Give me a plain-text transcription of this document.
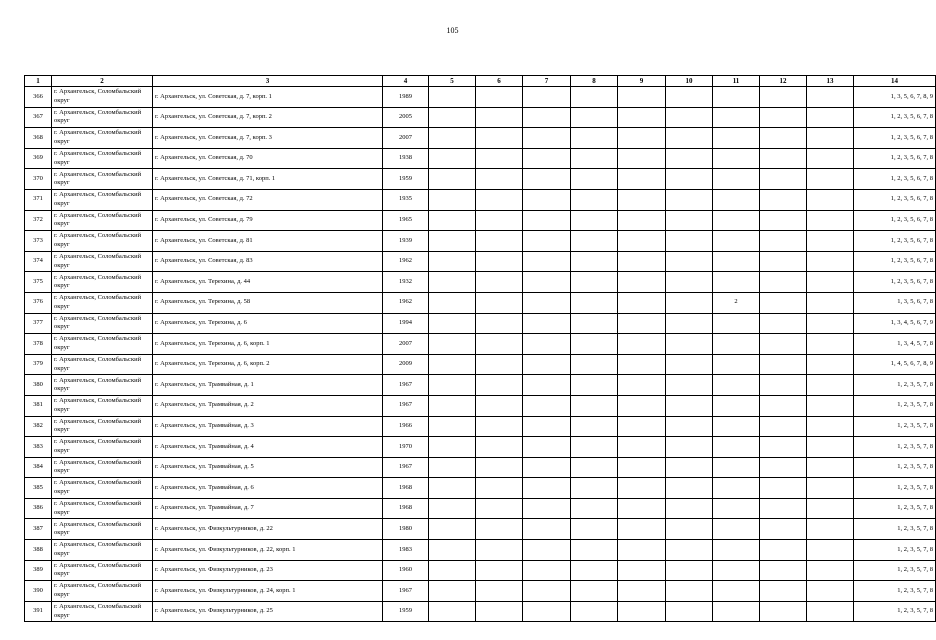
105
1	2	3	4	5	6	7	8	9	10	11	12	13	14
366	г. Архангельск, Соломбальский округ	г. Архангельск, ул. Советская, д. 7, корп. 1	1989										1, 3, 5, 6, 7, 8, 9
367	г. Архангельск, Соломбальский округ	г. Архангельск, ул. Советская, д. 7, корп. 2	2005										1, 2, 3, 5, 6, 7, 8
368	г. Архангельск, Соломбальский округ	г. Архангельск, ул. Советская, д. 7, корп. 3	2007										1, 2, 3, 5, 6, 7, 8
369	г. Архангельск, Соломбальский округ	г. Архангельск, ул. Советская, д. 70	1938										1, 2, 3, 5, 6, 7, 8
370	г. Архангельск, Соломбальский округ	г. Архангельск, ул. Советская, д. 71, корп. 1	1959										1, 2, 3, 5, 6, 7, 8
371	г. Архангельск, Соломбальский округ	г. Архангельск, ул. Советская, д. 72	1935										1, 2, 3, 5, 6, 7, 8
372	г. Архангельск, Соломбальский округ	г. Архангельск, ул. Советская, д. 79	1965										1, 2, 3, 5, 6, 7, 8
373	г. Архангельск, Соломбальский округ	г. Архангельск, ул. Советская, д. 81	1939										1, 2, 3, 5, 6, 7, 8
374	г. Архангельск, Соломбальский округ	г. Архангельск, ул. Советская, д. 83	1962										1, 2, 3, 5, 6, 7, 8
375	г. Архангельск, Соломбальский округ	г. Архангельск, ул. Терехина, д. 44	1932										1, 2, 3, 5, 6, 7, 8
376	г. Архангельск, Соломбальский округ	г. Архангельск, ул. Терехина, д. 58	1962							2			1, 3, 5, 6, 7, 8
377	г. Архангельск, Соломбальский округ	г. Архангельск, ул. Терехина, д. 6	1994										1, 3, 4, 5, 6, 7, 9
378	г. Архангельск, Соломбальский округ	г. Архангельск, ул. Терехина, д. 6, корп. 1	2007										1, 3, 4, 5, 7, 8
379	г. Архангельск, Соломбальский округ	г. Архангельск, ул. Терехина, д. 6, корп. 2	2009										1, 4, 5, 6, 7, 8, 9
380	г. Архангельск, Соломбальский округ	г. Архангельск, ул. Трамвайная, д. 1	1967										1, 2, 3, 5, 7, 8
381	г. Архангельск, Соломбальский округ	г. Архангельск, ул. Трамвайная, д. 2	1967										1, 2, 3, 5, 7, 8
382	г. Архангельск, Соломбальский округ	г. Архангельск, ул. Трамвайная, д. 3	1966										1, 2, 3, 5, 7, 8
383	г. Архангельск, Соломбальский округ	г. Архангельск, ул. Трамвайная, д. 4	1970										1, 2, 3, 5, 7, 8
384	г. Архангельск, Соломбальский округ	г. Архангельск, ул. Трамвайная, д. 5	1967										1, 2, 3, 5, 7, 8
385	г. Архангельск, Соломбальский округ	г. Архангельск, ул. Трамвайная, д. 6	1968										1, 2, 3, 5, 7, 8
386	г. Архангельск, Соломбальский округ	г. Архангельск, ул. Трамвайная, д. 7	1968										1, 2, 3, 5, 7, 8
387	г. Архангельск, Соломбальский округ	г. Архангельск, ул. Физкультурников, д. 22	1980										1, 2, 3, 5, 7, 8
388	г. Архангельск, Соломбальский округ	г. Архангельск, ул. Физкультурников, д. 22, корп. 1	1983										1, 2, 3, 5, 7, 8
389	г. Архангельск, Соломбальский округ	г. Архангельск, ул. Физкультурников, д. 23	1960										1, 2, 3, 5, 7, 8
390	г. Архангельск, Соломбальский округ	г. Архангельск, ул. Физкультурников, д. 24, корп. 1	1967										1, 2, 3, 5, 7, 8
391	г. Архангельск, Соломбальский округ	г. Архангельск, ул. Физкультурников, д. 25	1959										1, 2, 3, 5, 7, 8
